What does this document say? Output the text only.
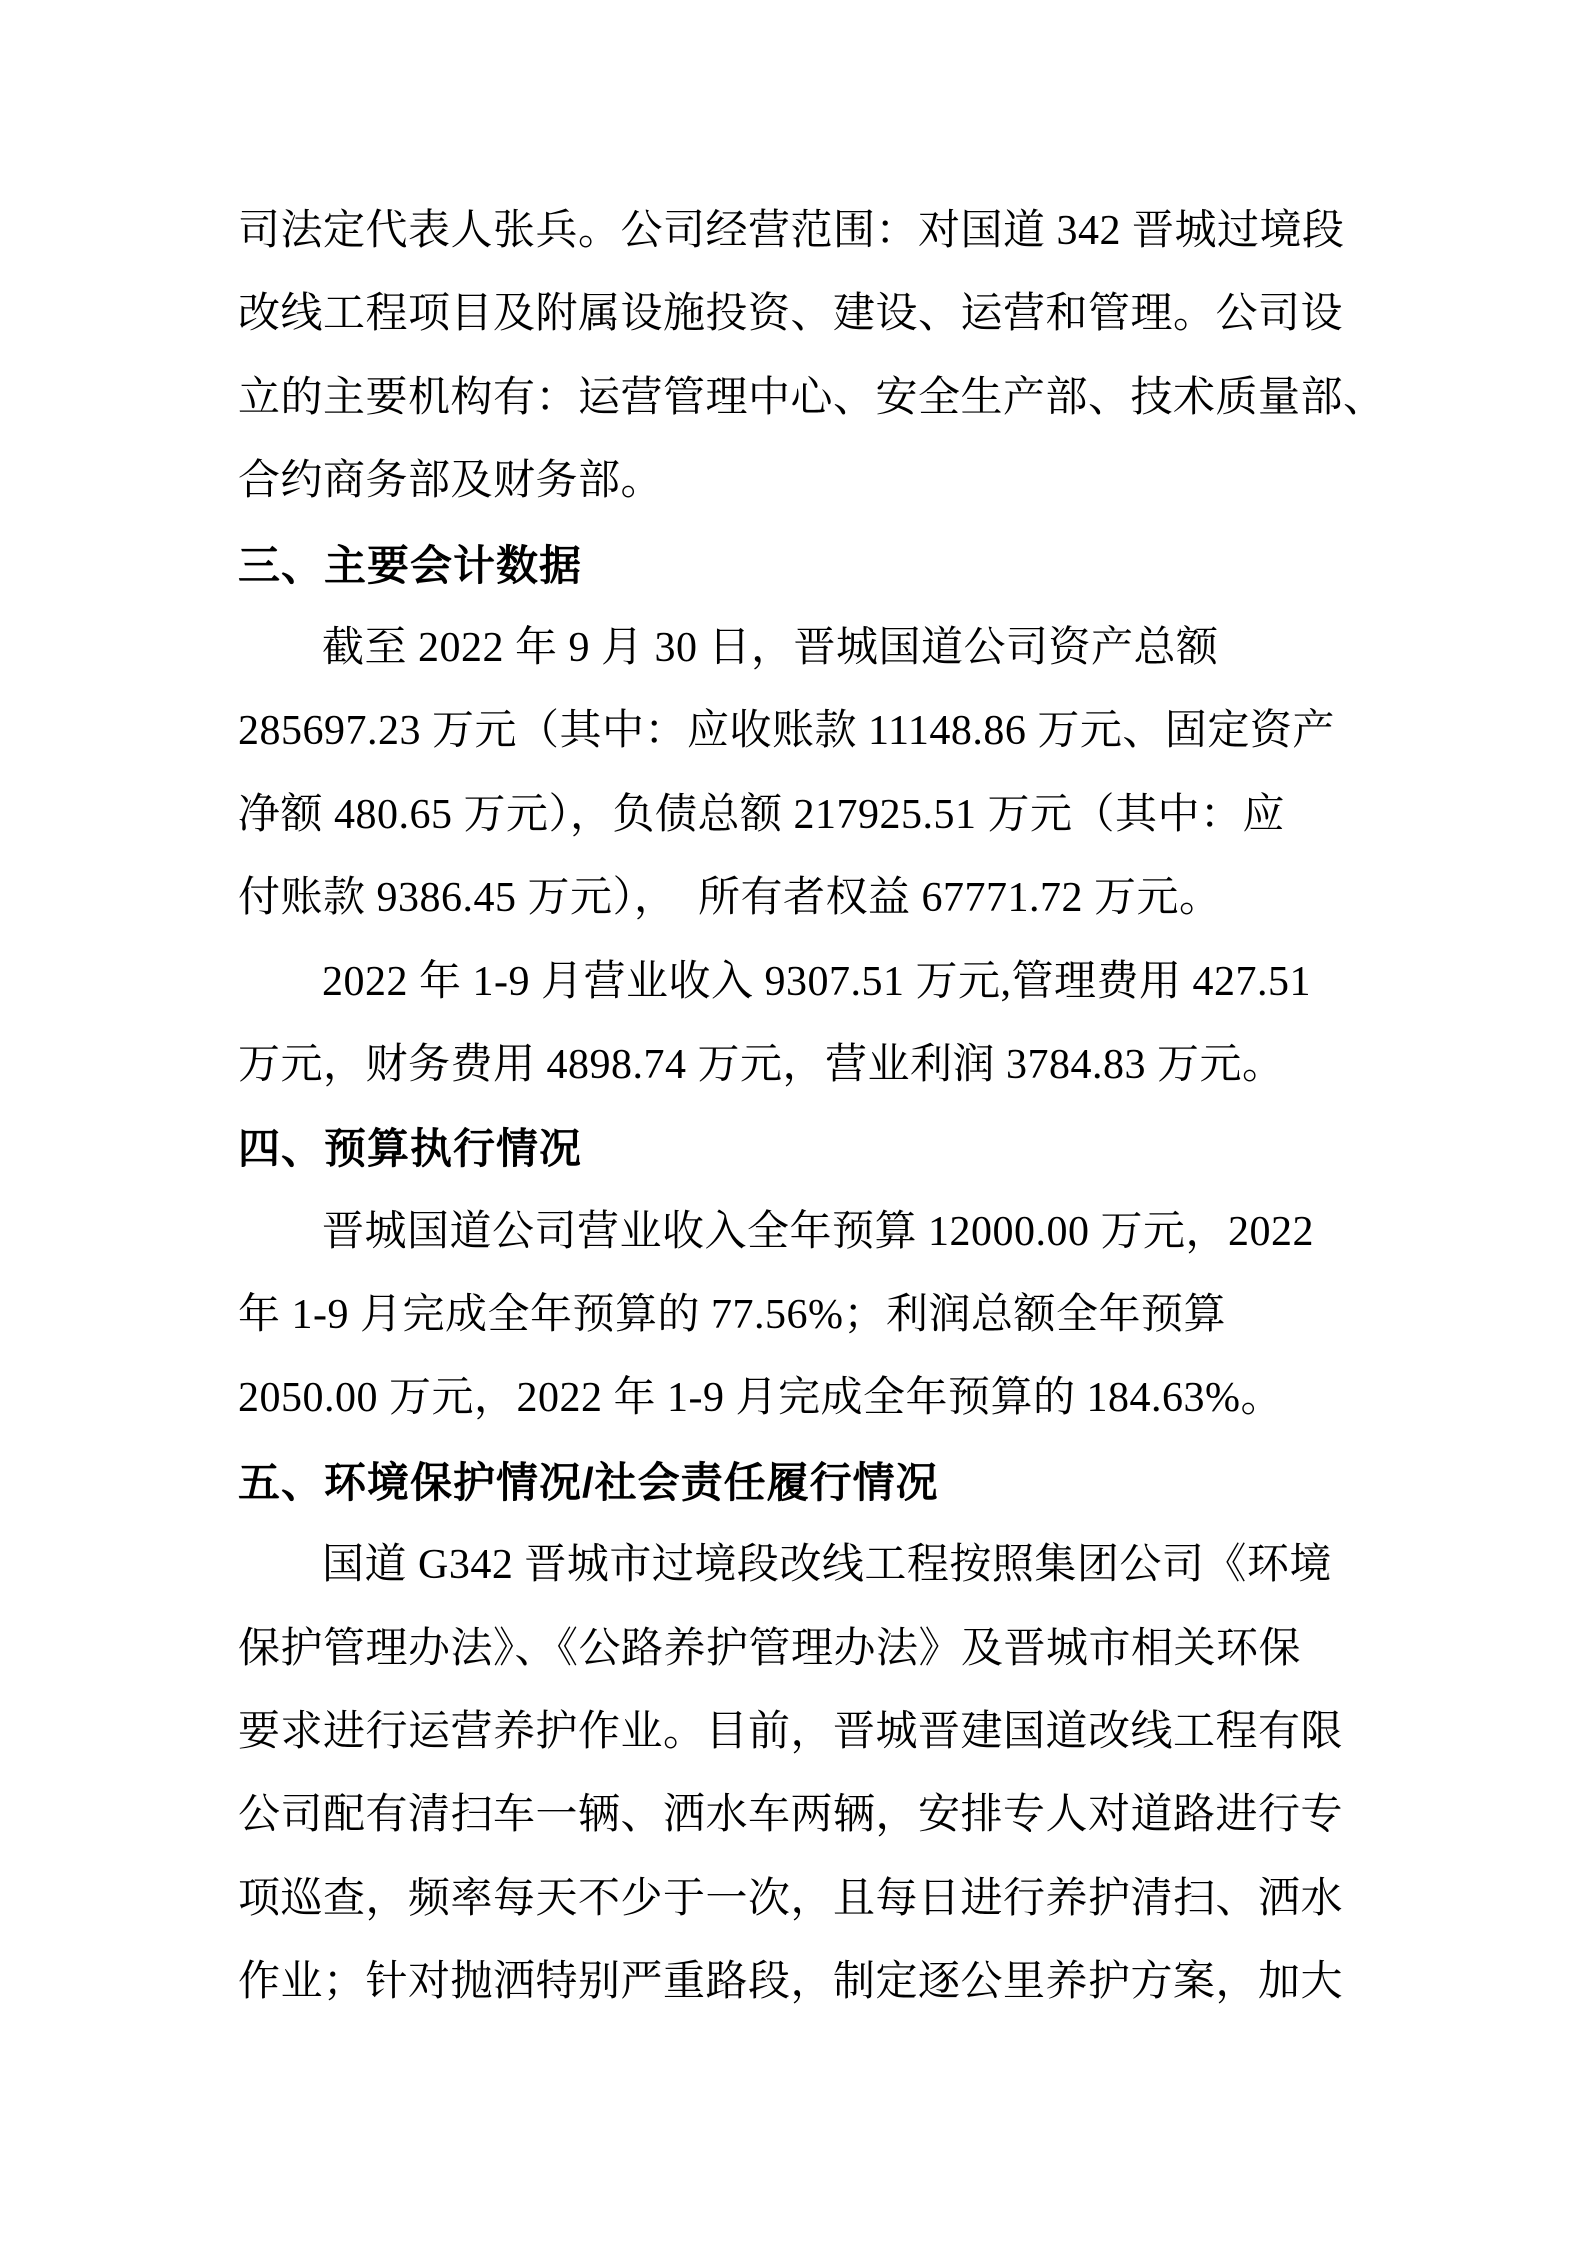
司法定代表人张兵。公司经营范围：对国道 342 晋城过境段
改线工程项目及附属设施投资、建设、运营和管理。公司设
立的主要机构有：运营管理中心、安全生产部、技术质量部、
合约商务部及财务部。
三、主要会计数据
截至 2022 年 9 月 30 日，晋城国道公司资产总额
285697.23 万元（其中：应收账款 11148.86 万元、固定资产
净额 480.65 万元），负债总额 217925.51 万元（其中：应
付账款 9386.45 万元），　所有者权益 67771.72 万元。
2022 年 1-9 月营业收入 9307.51 万元,管理费用 427.51
万元，财务费用 4898.74 万元，营业利润 3784.83 万元。
四、预算执行情况
晋城国道公司营业收入全年预算 12000.00 万元，2022
年 1-9 月完成全年预算的 77.56%；利润总额全年预算
2050.00 万元，2022 年 1-9 月完成全年预算的 184.63%。
五、环境保护情况/社会责任履行情况
国道 G342 晋城市过境段改线工程按照集团公司《环境
保护管理办法》、《公路养护管理办法》及晋城市相关环保
要求进行运营养护作业。目前，晋城晋建国道改线工程有限
公司配有清扫车一辆、洒水车两辆，安排专人对道路进行专
项巡查，频率每天不少于一次，且每日进行养护清扫、洒水
作业；针对抛洒特别严重路段，制定逐公里养护方案，加大
